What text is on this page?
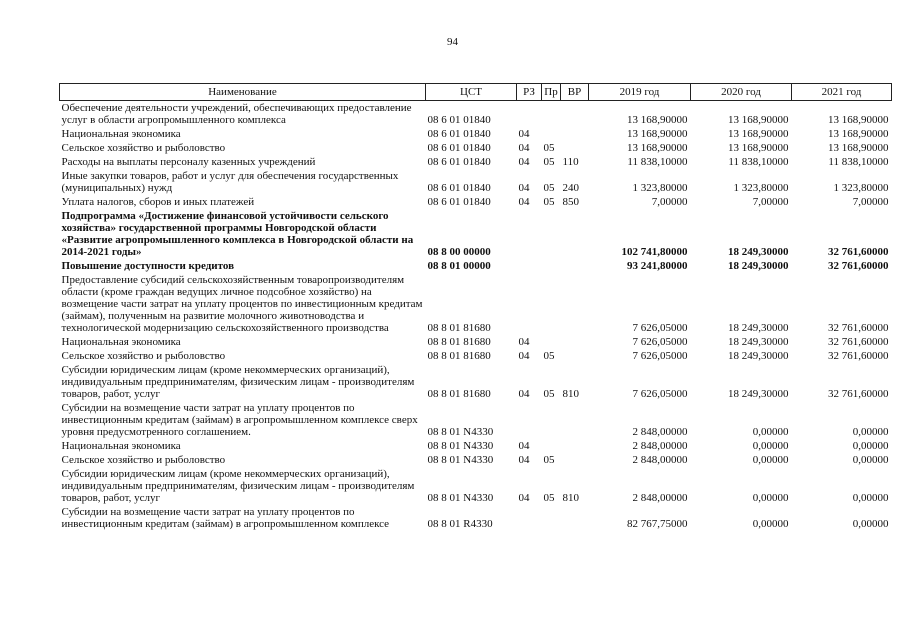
94
Наименование	ЦСТ	РЗ	Пр	ВР	2019 год	2020 год	2021 год
Обеспечение деятельности учреждений, обеспечивающих предоставление услуг в области агропромышленного комплекса	08 6 01 01840				13 168,90000	13 168,90000	13 168,90000
Национальная экономика	08 6 01 01840	04			13 168,90000	13 168,90000	13 168,90000
Сельское хозяйство и рыболовство	08 6 01 01840	04	05		13 168,90000	13 168,90000	13 168,90000
Расходы на выплаты персоналу казенных учреждений	08 6 01 01840	04	05	110	11 838,10000	11 838,10000	11 838,10000
Иные закупки товаров, работ и услуг для обеспечения государственных (муниципальных) нужд	08 6 01 01840	04	05	240	1 323,80000	1 323,80000	1 323,80000
Уплата налогов, сборов и иных платежей	08 6 01 01840	04	05	850	7,00000	7,00000	7,00000
Подпрограмма «Достижение финансовой устойчивости сельского хозяйства» государственной программы Новгородской области «Развитие агропромышленного комплекса в Новгородской области на 2014-2021 годы»	08 8 00 00000				102 741,80000	18 249,30000	32 761,60000
Повышение доступности кредитов	08 8 01 00000				93 241,80000	18 249,30000	32 761,60000
Предоставление субсидий сельскохозяйственным товаропроизводителям области (кроме граждан ведущих личное подсобное хозяйство) на возмещение части затрат на уплату процентов по инвестиционным кредитам (займам), полученным на развитие молочного животноводства и технологической модернизацию сельскохозяйственного производства	08 8 01 81680				7 626,05000	18 249,30000	32 761,60000
Национальная экономика	08 8 01 81680	04			7 626,05000	18 249,30000	32 761,60000
Сельское хозяйство и рыболовство	08 8 01 81680	04	05		7 626,05000	18 249,30000	32 761,60000
Субсидии юридическим лицам (кроме некоммерческих организаций), индивидуальным предпринимателям, физическим лицам - производителям товаров, работ, услуг	08 8 01 81680	04	05	810	7 626,05000	18 249,30000	32 761,60000
Субсидии на возмещение части затрат на уплату процентов по инвестиционным кредитам (займам) в агропромышленном комплексе сверх уровня предусмотренного соглашением.	08 8 01 N4330				2 848,00000	0,00000	0,00000
Национальная экономика	08 8 01 N4330	04			2 848,00000	0,00000	0,00000
Сельское хозяйство и рыболовство	08 8 01 N4330	04	05		2 848,00000	0,00000	0,00000
Субсидии юридическим лицам (кроме некоммерческих организаций), индивидуальным предпринимателям, физическим лицам - производителям товаров, работ, услуг	08 8 01 N4330	04	05	810	2 848,00000	0,00000	0,00000
Субсидии на возмещение части затрат на уплату процентов по инвестиционным кредитам (займам) в агропромышленном комплексе	08 8 01 R4330				82 767,75000	0,00000	0,00000
